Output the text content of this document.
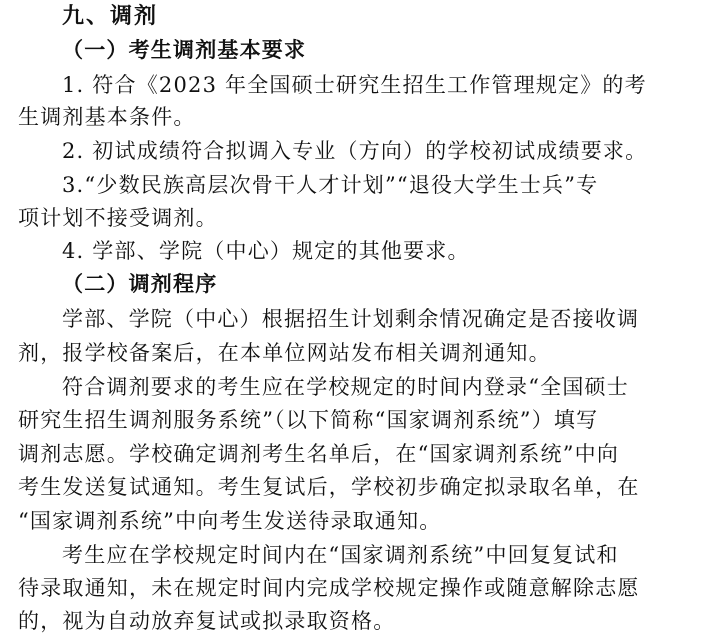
九、调剂
（一）考生调剂基本要求
1. 符合《2023 年全国硕士研究生招生工作管理规定》的考
生调剂基本条件。
2. 初试成绩符合拟调入专业（方向）的学校初试成绩要求。
3.“少数民族高层次骨干人才计划”“退役大学生士兵”专
项计划不接受调剂。
4. 学部、学院（中心）规定的其他要求。
（二）调剂程序
学部、学院（中心）根据招生计划剩余情况确定是否接收调
剂，报学校备案后，在本单位网站发布相关调剂通知。
符合调剂要求的考生应在学校规定的时间内登录“全国硕士
研究生招生调剂服务系统”（以下简称“国家调剂系统”）填写
调剂志愿。学校确定调剂考生名单后，在“国家调剂系统”中向
考生发送复试通知。考生复试后，学校初步确定拟录取名单，在
“国家调剂系统”中向考生发送待录取通知。
考生应在学校规定时间内在“国家调剂系统”中回复复试和
待录取通知，未在规定时间内完成学校规定操作或随意解除志愿
的，视为自动放弃复试或拟录取资格。
